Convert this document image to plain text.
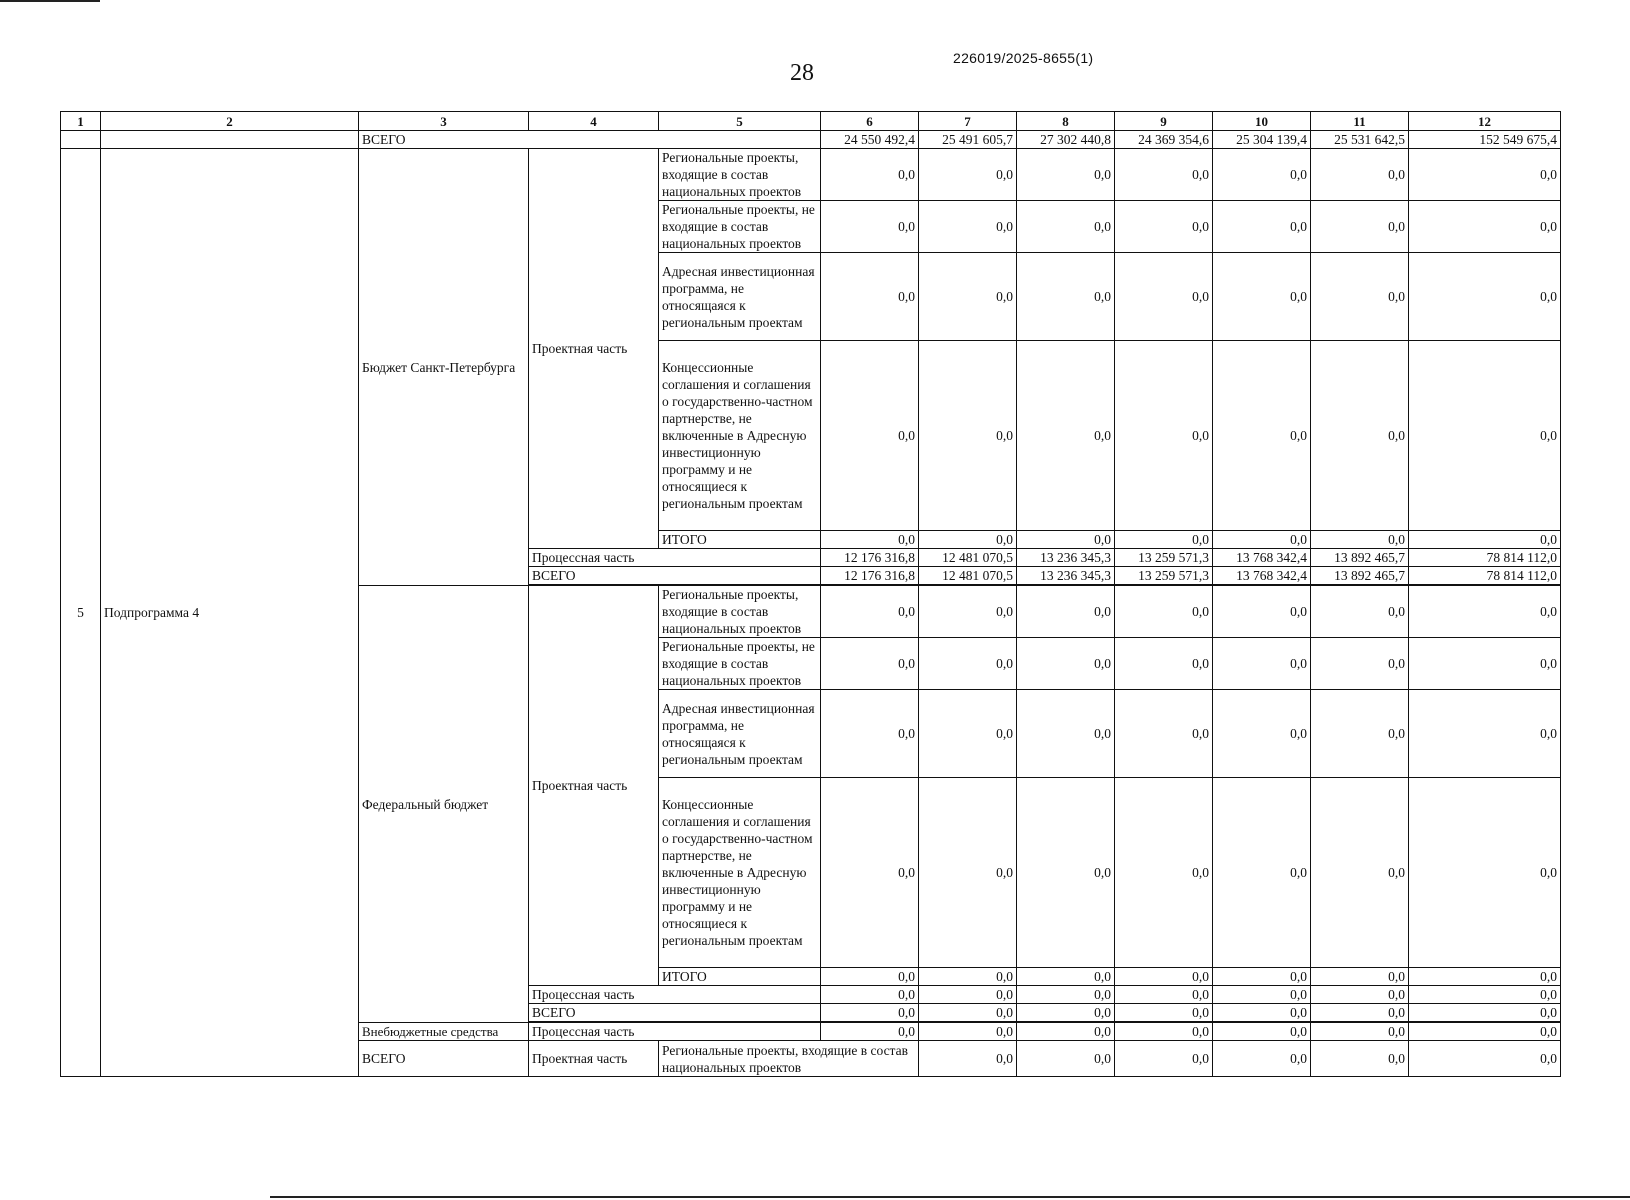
28
226019/2025-8655(1)
1	2	3	4	5	6	7	8	9	10	11	12	
		ВСЕГО			24 550 492,4	25 491 605,7	27 302 440,8	24 369 354,6	25 304 139,4	25 531 642,5	152 549 675,4	
5	Подпрограмма 4	Бюджет Санкт-Петербурга	Проектная часть	Региональные проекты, входящие в состав национальных проектов	0,0	0,0	0,0	0,0	0,0	0,0	0,0	
				Региональные проекты, не входящие в состав национальных проектов	0,0	0,0	0,0	0,0	0,0	0,0	0,0	
				Адресная инвестиционная программа, не относящаяся к региональным проектам	0,0	0,0	0,0	0,0	0,0	0,0	0,0	
				Концессионные соглашения и соглашения о государственно-частном партнерстве, не включенные в Адресную инвестиционную программу и не относящиеся к региональным проектам	0,0	0,0	0,0	0,0	0,0	0,0	0,0	
				ИТОГО	0,0	0,0	0,0	0,0	0,0	0,0	0,0	
			Процессная часть		12 176 316,8	12 481 070,5	13 236 345,3	13 259 571,3	13 768 342,4	13 892 465,7	78 814 112,0	
			ВСЕГО		12 176 316,8	12 481 070,5	13 236 345,3	13 259 571,3	13 768 342,4	13 892 465,7	78 814 112,0	

		Федеральный бюджет	Проектная часть	Региональные проекты, входящие в состав национальных проектов	0,0	0,0	0,0	0,0	0,0	0,0	0,0	
				Региональные проекты, не входящие в состав национальных проектов	0,0	0,0	0,0	0,0	0,0	0,0	0,0	
				Адресная инвестиционная программа, не относящаяся к региональным проектам	0,0	0,0	0,0	0,0	0,0	0,0	0,0	
				Концессионные соглашения и соглашения о государственно-частном партнерстве, не включенные в Адресную инвестиционную программу и не относящиеся к региональным проектам	0,0	0,0	0,0	0,0	0,0	0,0	0,0	
				ИТОГО	0,0	0,0	0,0	0,0	0,0	0,0	0,0	
			Процессная часть		0,0	0,0	0,0	0,0	0,0	0,0	0,0	
			ВСЕГО		0,0	0,0	0,0	0,0	0,0	0,0	0,0	

		Внебюджетные средства	Процессная часть		0,0	0,0	0,0	0,0	0,0	0,0	0,0	
		ВСЕГО	Проектная часть	Региональные проекты, входящие в состав национальных проектов		0,0	0,0	0,0	0,0	0,0	0,0	
